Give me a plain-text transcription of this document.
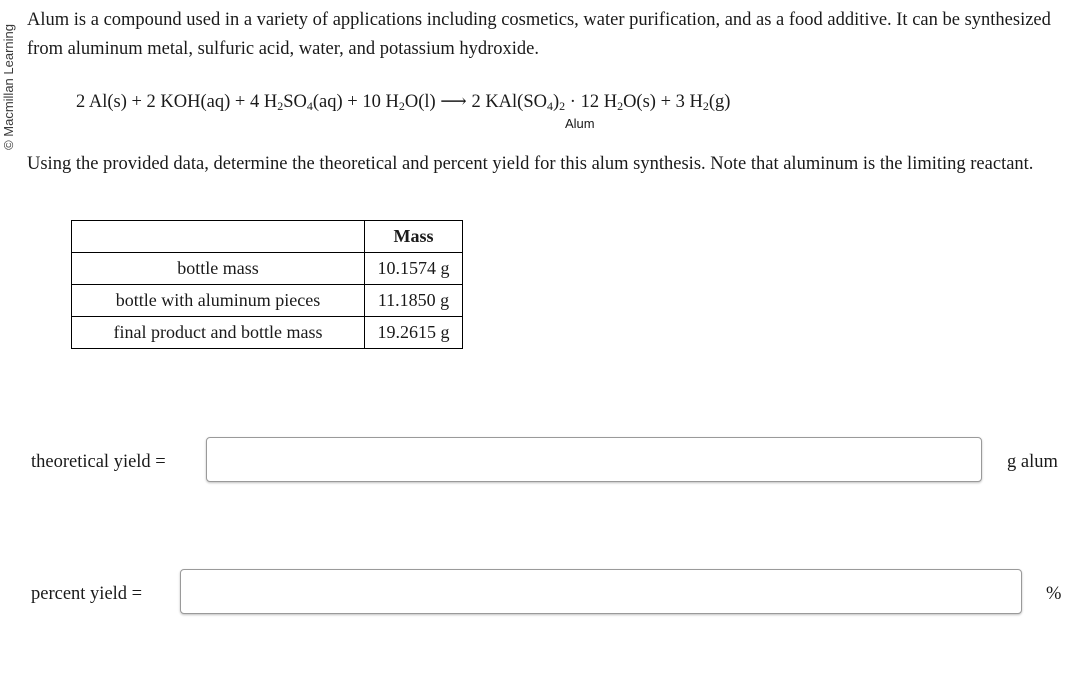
© Macmillan Learning
Alum is a compound used in a variety of applications including cosmetics, water purification, and as a food additive. It can be synthesized from aluminum metal, sulfuric acid, water, and potassium hydroxide.
2 Al(s) + 2 KOH(aq) + 4 $H_2SO_4(aq) + 10$ $H_2O(l)$ ⟶ 2 $KAl(SO_4)_2 \cdot 12$ $H_2O(s) + 3$ $H_2(g)$
Alum
Using the provided data, determine the theoretical and percent yield for this alum synthesis. Note that aluminum is the limiting reactant.
	Mass
bottle mass	10.1574 g
bottle with aluminum pieces	11.1850 g
final product and bottle mass	19.2615 g
theoretical yield =	g alum
percent yield =	%
